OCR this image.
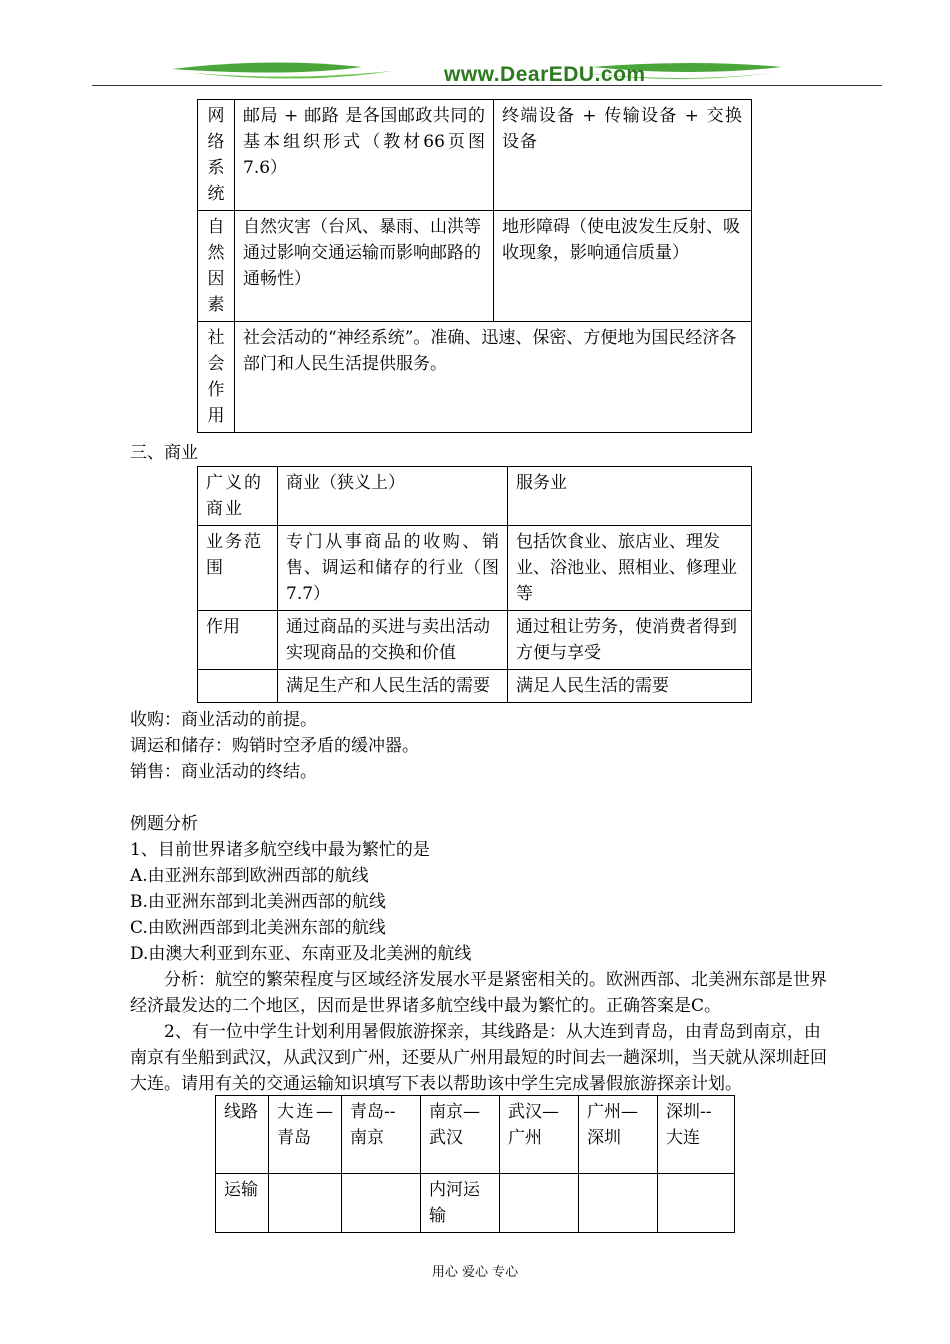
www.DearEDU.com
网络系统	邮局 + 邮路 是各国邮政共同的基本组织形式（教材66页图7.6）	终端设备 + 传输设备 + 交换设备
自然因素	自然灾害（台风、暴雨、山洪等通过影响交通运输而影响邮路的通畅性）	地形障碍（使电波发生反射、吸收现象，影响通信质量）
社会作用	社会活动的“神经系统”。准确、迅速、保密、方便地为国民经济各部门和人民生活提供服务。	
三、商业
广义的商业	商业（狭义上）	服务业
业务范围	专门从事商品的收购、销售、调运和储存的行业（图7.7）	包括饮食业、旅店业、理发业、浴池业、照相业、修理业等
作用	通过商品的买进与卖出活动实现商品的交换和价值	通过租让劳务，使消费者得到方便与享受
	满足生产和人民生活的需要	满足人民生活的需要
收购：商业活动的前提。
调运和储存：购销时空矛盾的缓冲器。
销售：商业活动的终结。
例题分析
1、目前世界诸多航空线中最为繁忙的是
A.由亚洲东部到欧洲西部的航线
B.由亚洲东部到北美洲西部的航线
C.由欧洲西部到北美洲东部的航线
D.由澳大利亚到东亚、东南亚及北美洲的航线
分析：航空的繁荣程度与区域经济发展水平是紧密相关的。欧洲西部、北美洲东部是世界经济最发达的二个地区，因而是世界诸多航空线中最为繁忙的。正确答案是C。
2、有一位中学生计划利用暑假旅游探亲，其线路是：从大连到青岛，由青岛到南京，由南京有坐船到武汉，从武汉到广州，还要从广州用最短的时间去一趟深圳，当天就从深圳赶回大连。请用有关的交通运输知识填写下表以帮助该中学生完成暑假旅游探亲计划。
线路	大连—青岛	青岛--南京	南京—武汉	武汉—广州	广州—深圳	深圳--大连
运输			内河运输			
用心 爱心 专心
